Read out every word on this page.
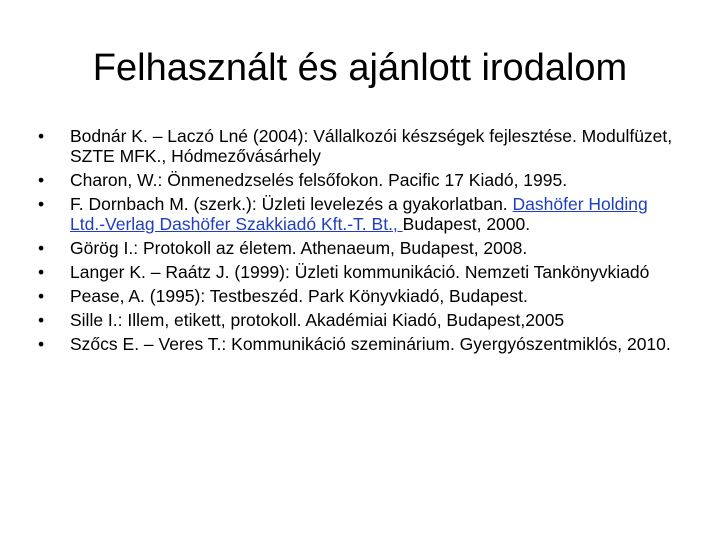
Felhasznált és ajánlott irodalom
•	Bodnár K. – Laczó Lné (2004): Vállalkozói készségek fejlesztése. Modulfüzet, SZTE MFK., Hódmezővásárhely
•	Charon, W.: Önmenedzselés felsőfokon. Pacific 17 Kiadó, 1995.
•	F. Dornbach M. (szerk.): Üzleti levelezés a gyakorlatban. Dashöfer Holding Ltd.-Verlag Dashöfer Szakkiadó Kft.-T. Bt., Budapest, 2000.
•	Görög I.: Protokoll az életem. Athenaeum, Budapest, 2008.
•	Langer K. – Raátz J. (1999): Üzleti kommunikáció. Nemzeti Tankönyvkiadó
•	Pease, A. (1995): Testbeszéd. Park Könyvkiadó, Budapest.
•	Sille I.: Illem, etikett, protokoll. Akadémiai Kiadó, Budapest,2005
•	Szőcs E. – Veres T.: Kommunikáció szeminárium. Gyergyószentmiklós, 2010.
